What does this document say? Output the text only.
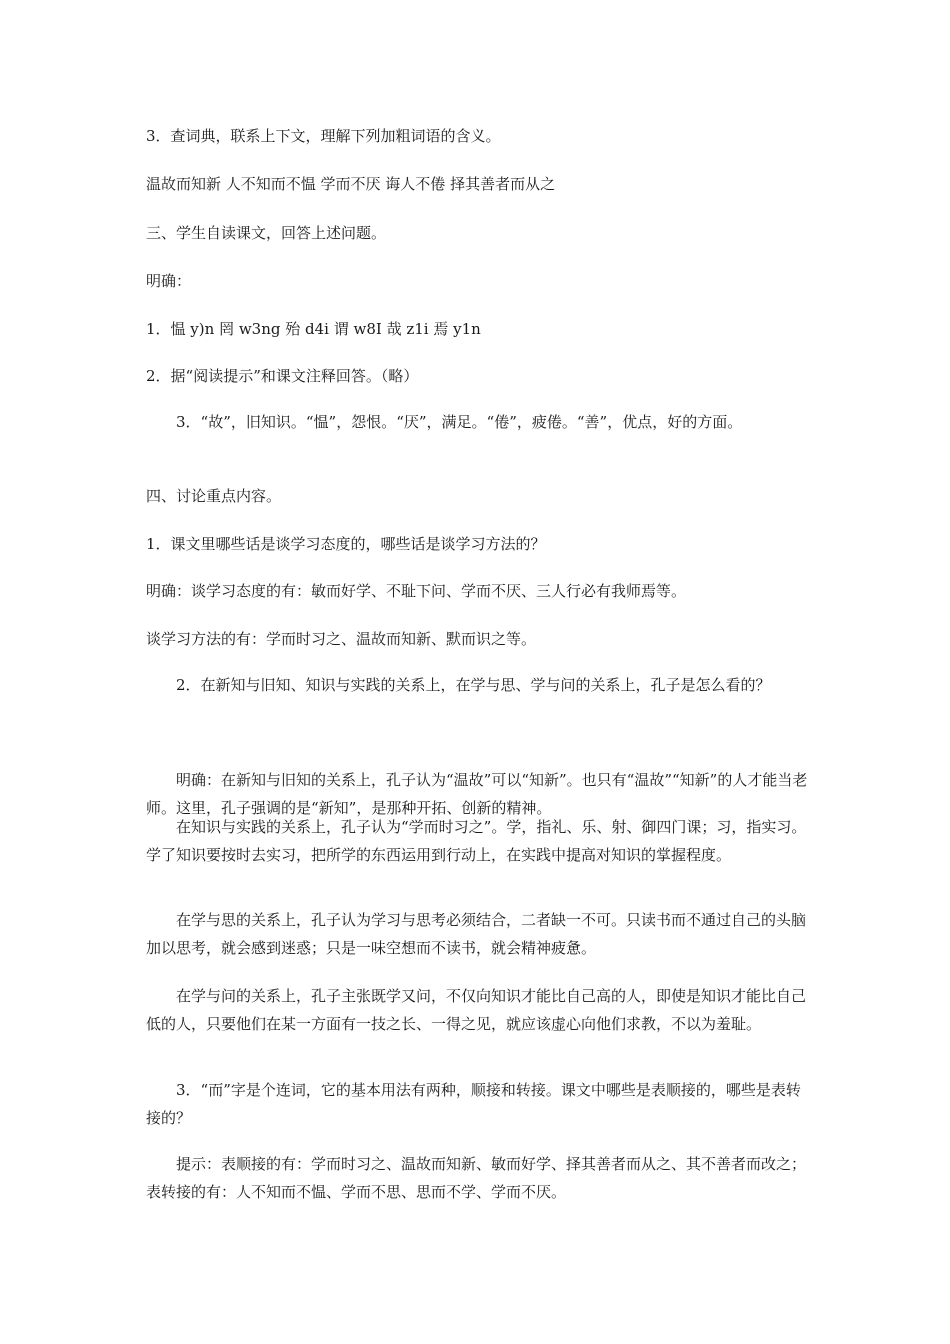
3．查词典，联系上下文，理解下列加粗词语的含义。
温故而知新 人不知而不愠 学而不厌 诲人不倦 择其善者而从之
三、学生自读课文，回答上述问题。
明确：
1．愠 y)n 罔 w3ng 殆 d4i 谓 w8I 哉 z1i 焉 y1n
2．据“阅读提示”和课文注释回答。（略）
3．“故”，旧知识。“愠”，怨恨。“厌”，满足。“倦”，疲倦。“善”，优点，好的方面。
四、讨论重点内容。
1．课文里哪些话是谈学习态度的，哪些话是谈学习方法的？
明确：谈学习态度的有：敏而好学、不耻下问、学而不厌、三人行必有我师焉等。
谈学习方法的有：学而时习之、温故而知新、默而识之等。
2．在新知与旧知、知识与实践的关系上，在学与思、学与问的关系上，孔子是怎么看的？
明确：在新知与旧知的关系上，孔子认为“温故”可以“知新”。也只有“温故”“知新”的人才能当老师。这里，孔子强调的是“新知”，是那种开拓、创新的精神。
在知识与实践的关系上，孔子认为“学而时习之”。学，指礼、乐、射、御四门课；习，指实习。学了知识要按时去实习，把所学的东西运用到行动上，在实践中提高对知识的掌握程度。
在学与思的关系上，孔子认为学习与思考必须结合，二者缺一不可。只读书而不通过自己的头脑加以思考，就会感到迷惑；只是一味空想而不读书，就会精神疲惫。
在学与问的关系上，孔子主张既学又问，不仅向知识才能比自己高的人，即使是知识才能比自己低的人，只要他们在某一方面有一技之长、一得之见，就应该虚心向他们求教，不以为羞耻。
3．“而”字是个连词，它的基本用法有两种，顺接和转接。课文中哪些是表顺接的，哪些是表转接的？
提示：表顺接的有：学而时习之、温故而知新、敏而好学、择其善者而从之、其不善者而改之；表转接的有：人不知而不愠、学而不思、思而不学、学而不厌。
